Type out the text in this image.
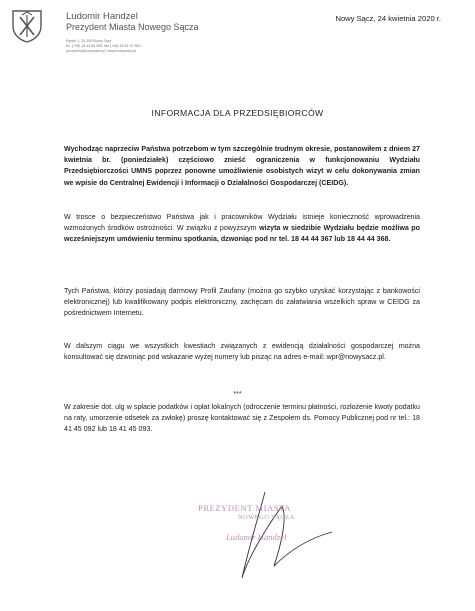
Ludomir Handzel
Prezydent Miasta Nowego Sącza
Rynek 1, 33-300 Nowy Sącz
tel. (+48) 18 44 86 595, fax (+48) 18 44 37 863
prezydent@nowysacz.pl | www.nowysacz.pl
Nowy Sącz, 24 kwietnia 2020 r.
INFORMACJA DLA PRZEDSIĘBIORCÓW
Wychodząc naprzeciw Państwa potrzebom w tym szczególnie trudnym okresie, postanowiłem z dniem 27 kwietnia br. (poniedziałek) częściowo znieść ograniczenia w funkcjonowaniu Wydziału Przedsiębiorczości UMNS poprzez ponowne umożliwienie osobistych wizyt w celu dokonywania zmian we wpisie do Centralnej Ewidencji i Informacji o Działalności Gospodarczej (CEIDG).
W trosce o bezpieczeństwo Państwa jak i pracowników Wydziału istnieje konieczność wprowadzenia wzmożonych środków ostrożności. W związku z powyższym wizyta w siedzibie Wydziału będzie możliwa po wcześniejszym umówieniu terminu spotkania, dzwoniąc pod nr tel. 18 44 44 367 lub 18 44 44 368.
Tych Państwa, którzy posiadają darmowy Profil Zaufany (można go szybko uzyskać korzystając z bankowości elektronicznej) lub kwalifikowany podpis elektroniczny, zachęcam do załatwiania wszelkich spraw w CEIDG za pośrednictwem Internetu.
W dalszym ciągu we wszystkich kwestiach związanych z ewidencją działalności gospodarczej można konsultować się dzwoniąc pod wskazane wyżej numery lub pisząc na adres e-mail: wpr@nowysacz.pl.
***
W zakresie dot. ulg w spłacie podatków i opłat lokalnych (odroczenie terminu płatności, rozłożenie kwoty podatku na raty, umorzenie odsetek za zwłokę) proszę kontaktować się z Zespołem ds. Pomocy Publicznej pod nr tel.: 18 41 45 092 lub 18 41 45 093.
PREZYDENT MIASTA
NOWEGO SĄCZA
Ludomir Handzel
